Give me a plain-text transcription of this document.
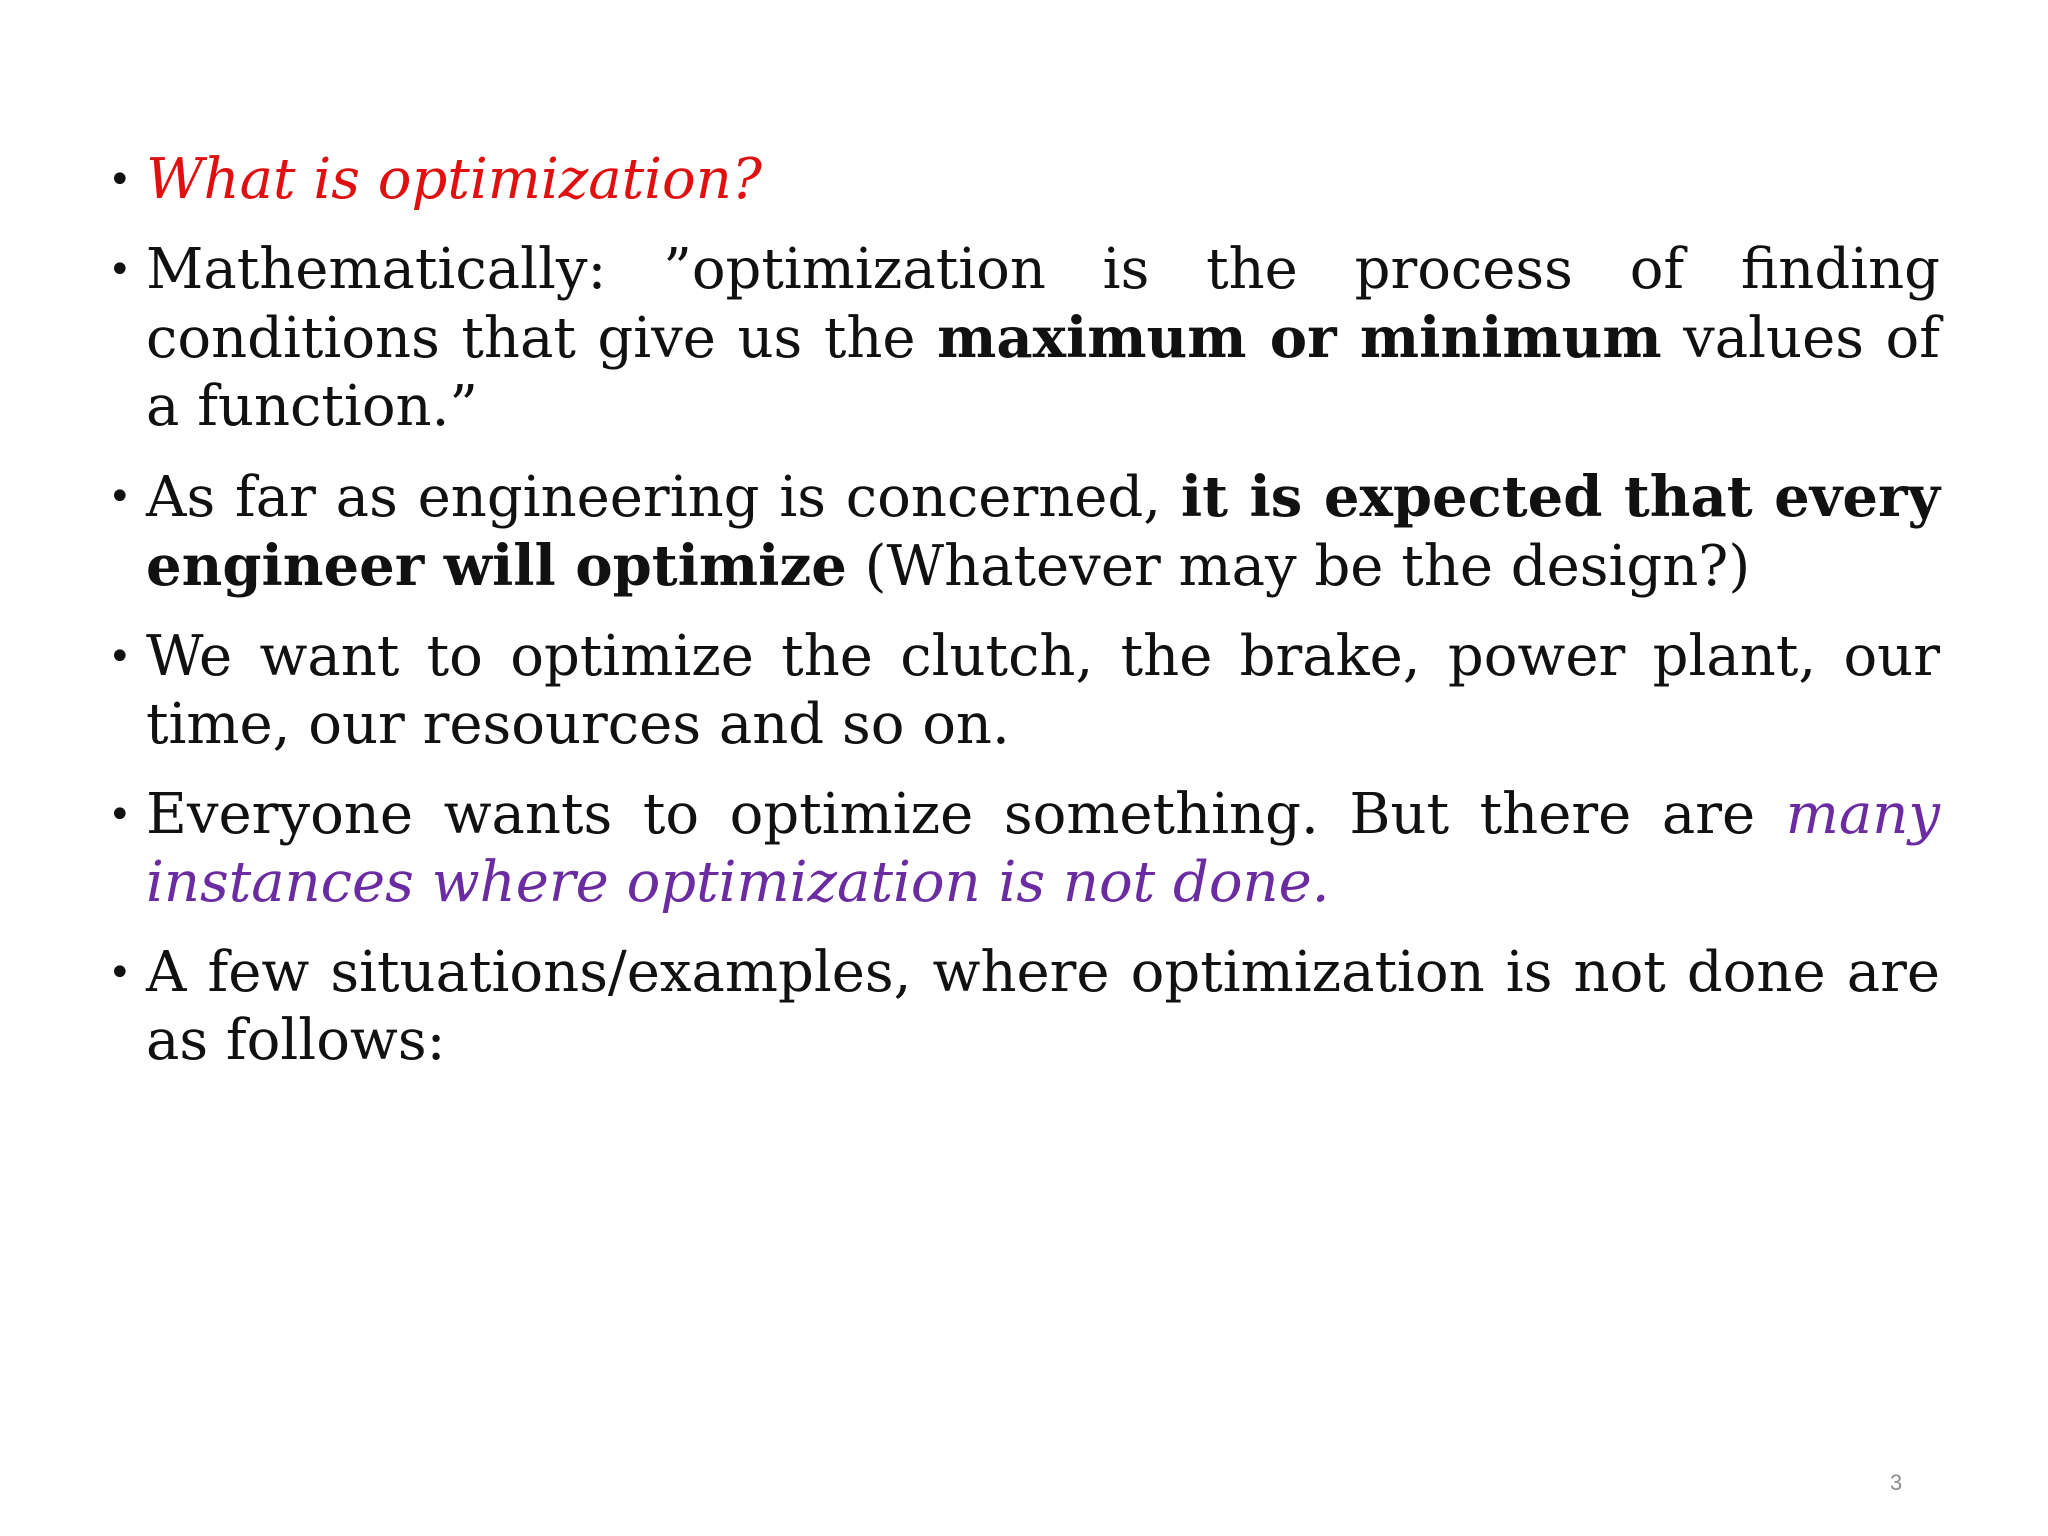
• What is optimization?
• Mathematically: ”optimization is the process of finding conditions that give us the maximum or minimum values of a function.”
• As far as engineering is concerned, it is expected that every engineer will optimize (Whatever may be the design?)
• We want to optimize the clutch, the brake, power plant, our time, our resources and so on.
• Everyone wants to optimize something. But there are many instances where optimization is not done.
• A few situations/examples, where optimization is not done are as follows:
3
